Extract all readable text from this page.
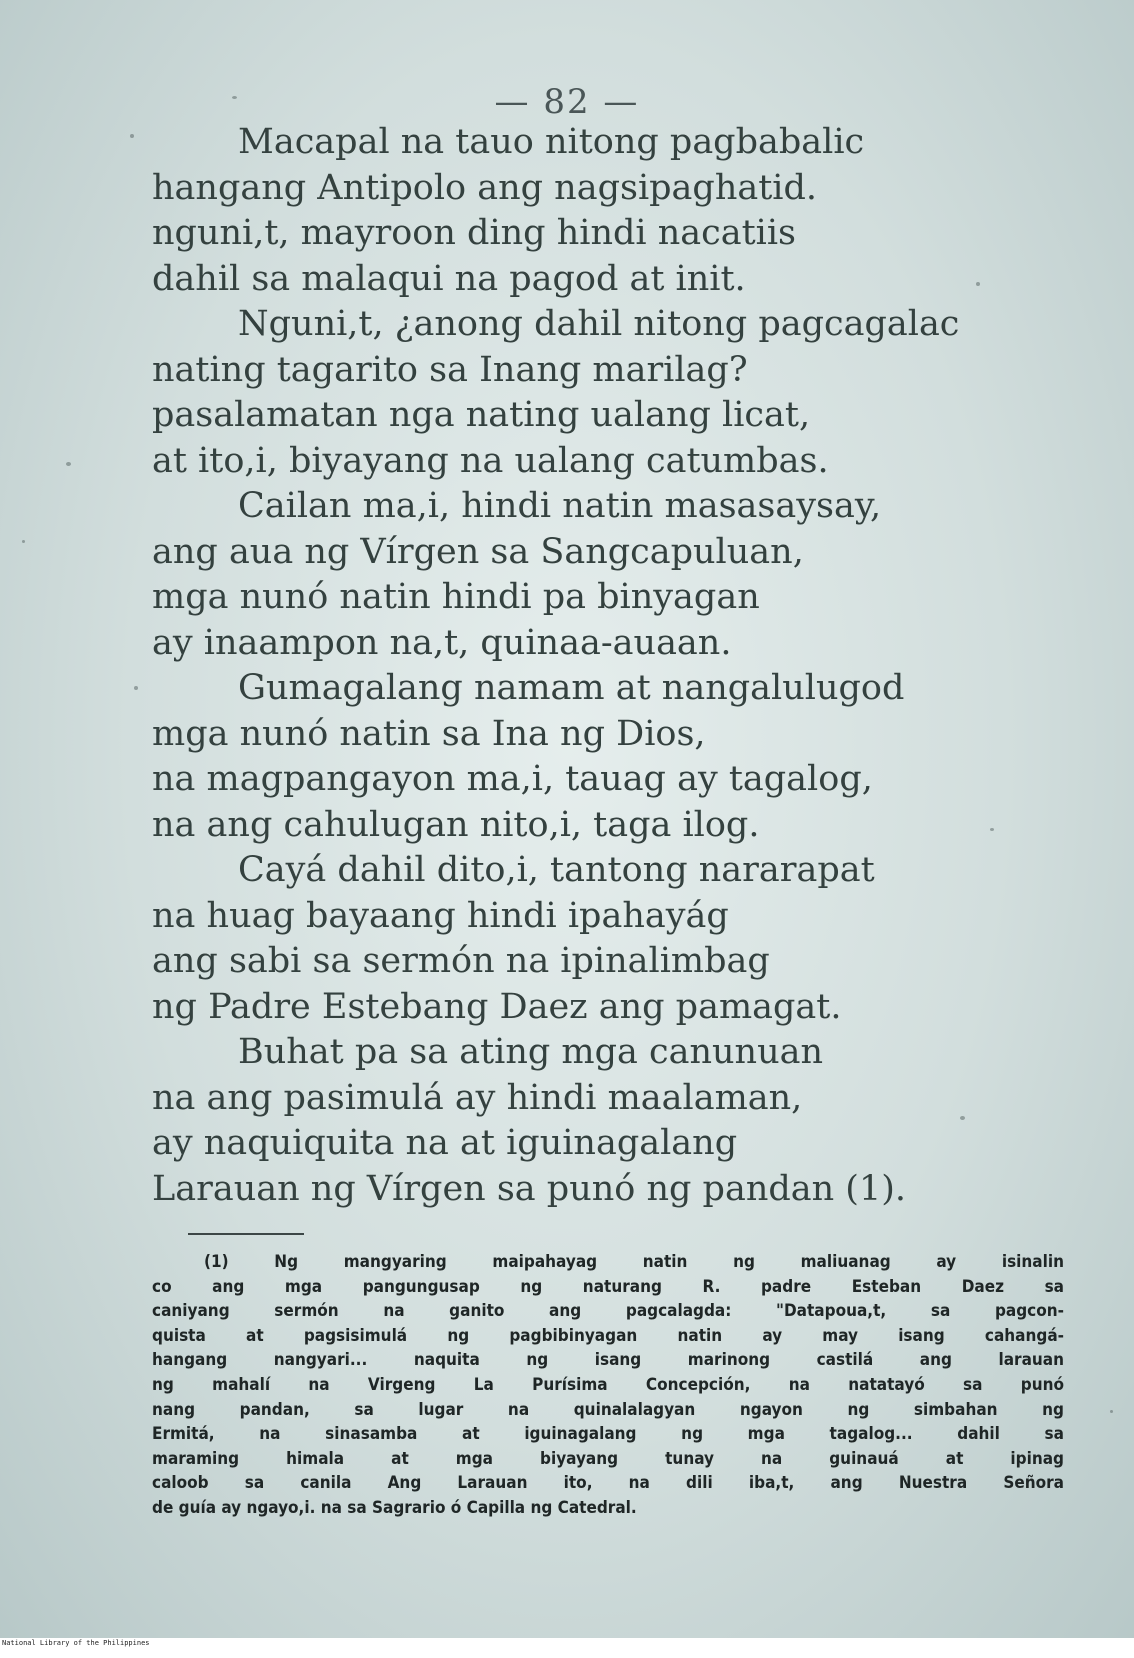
— 82 —
Macapal na tauo nitong pagbabalic
hangang Antipolo ang nagsipaghatid.
nguni,t, mayroon ding hindi nacatiis
dahil sa malaqui na pagod at init.
Nguni,t, ¿anong dahil nitong pagcagalac
nating tagarito sa Inang marilag?
pasalamatan nga nating ualang licat,
at ito,i, biyayang na ualang catumbas.
Cailan ma,i, hindi natin masasaysay,
ang aua ng Vírgen sa Sangcapuluan,
mga nunó natin hindi pa binyagan
ay inaampon na,t, quinaa-auaan.
Gumagalang namam at nangalulugod
mga nunó natin sa Ina ng Dios,
na magpangayon ma,i, tauag ay tagalog,
na ang cahulugan nito,i, taga ilog.
Cayá dahil dito,i, tantong nararapat
na huag bayaang hindi ipahayág
ang sabi sa sermón na ipinalimbag
ng Padre Estebang Daez ang pamagat.
Buhat pa sa ating mga canunuan
na ang pasimulá ay hindi maalaman,
ay naquiquita na at iguinagalang
Larauan ng Vírgen sa punó ng pandan (1).
(1) Ng mangyaring maipahayag natin ng maliuanag ay isinalin
co ang mga pangungusap ng naturang R. padre Esteban Daez sa
caniyang sermón na ganito ang pagcalagda: "Datapoua,t, sa pagcon-
quista at pagsisimulá ng pagbibinyagan natin ay may isang cahangá-
hangang nangyari... naquita ng isang marinong castilá ang larauan
ng mahalí na Virgeng La Purísima Concepción, na natatayó sa punó
nang pandan, sa lugar na quinalalagyan ngayon ng simbahan ng
Ermitá, na sinasamba at iguinagalang ng mga tagalog... dahil sa
maraming himala at mga biyayang tunay na guinauá at ipinag
caloob sa canila Ang Larauan ito, na dili iba,t, ang Nuestra Señora
de guía ay ngayo,i. na sa Sagrario ó Capilla ng Catedral.
National Library of the Philippines
